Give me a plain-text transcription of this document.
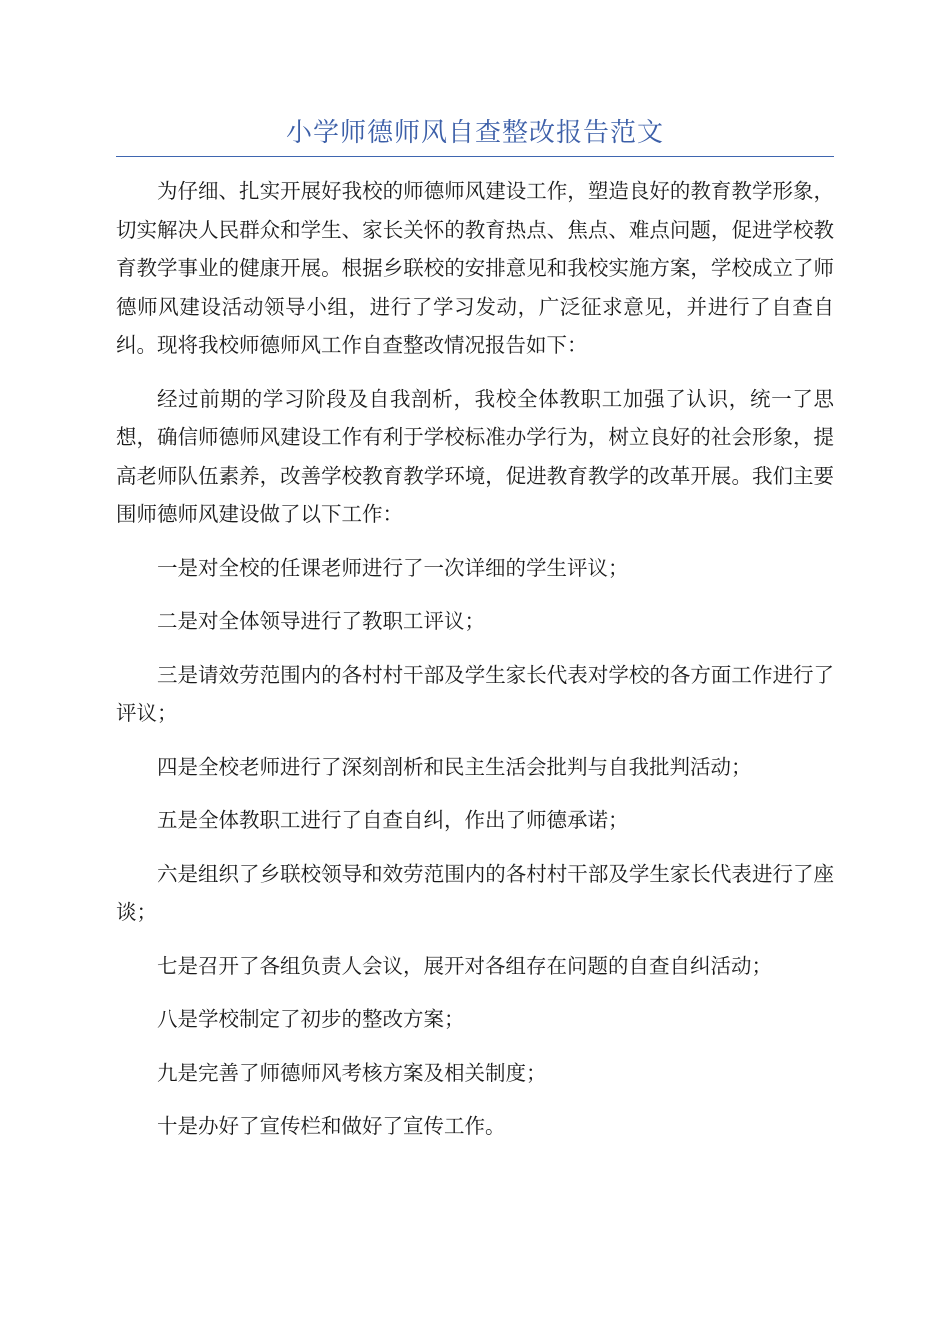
小学师德师风自查整改报告范文

为仔细、扎实开展好我校的师德师风建设工作，塑造良好的教育教学形象，切实解决人民群众和学生、家长关怀的教育热点、焦点、难点问题，促进学校教育教学事业的健康开展。根据乡联校的安排意见和我校实施方案，学校成立了师德师风建设活动领导小组，进行了学习发动，广泛征求意见，并进行了自查自纠。现将我校师德师风工作自查整改情况报告如下：

经过前期的学习阶段及自我剖析，我校全体教职工加强了认识，统一了思想，确信师德师风建设工作有利于学校标准办学行为，树立良好的社会形象，提高老师队伍素养，改善学校教育教学环境，促进教育教学的改革开展。我们主要围师德师风建设做了以下工作：

一是对全校的任课老师进行了一次详细的学生评议；

二是对全体领导进行了教职工评议；

三是请效劳范围内的各村村干部及学生家长代表对学校的各方面工作进行了评议；

四是全校老师进行了深刻剖析和民主生活会批判与自我批判活动；

五是全体教职工进行了自查自纠，作出了师德承诺；

六是组织了乡联校领导和效劳范围内的各村村干部及学生家长代表进行了座谈；

七是召开了各组负责人会议，展开对各组存在问题的自查自纠活动；

八是学校制定了初步的整改方案；

九是完善了师德师风考核方案及相关制度；

十是办好了宣传栏和做好了宣传工作。
